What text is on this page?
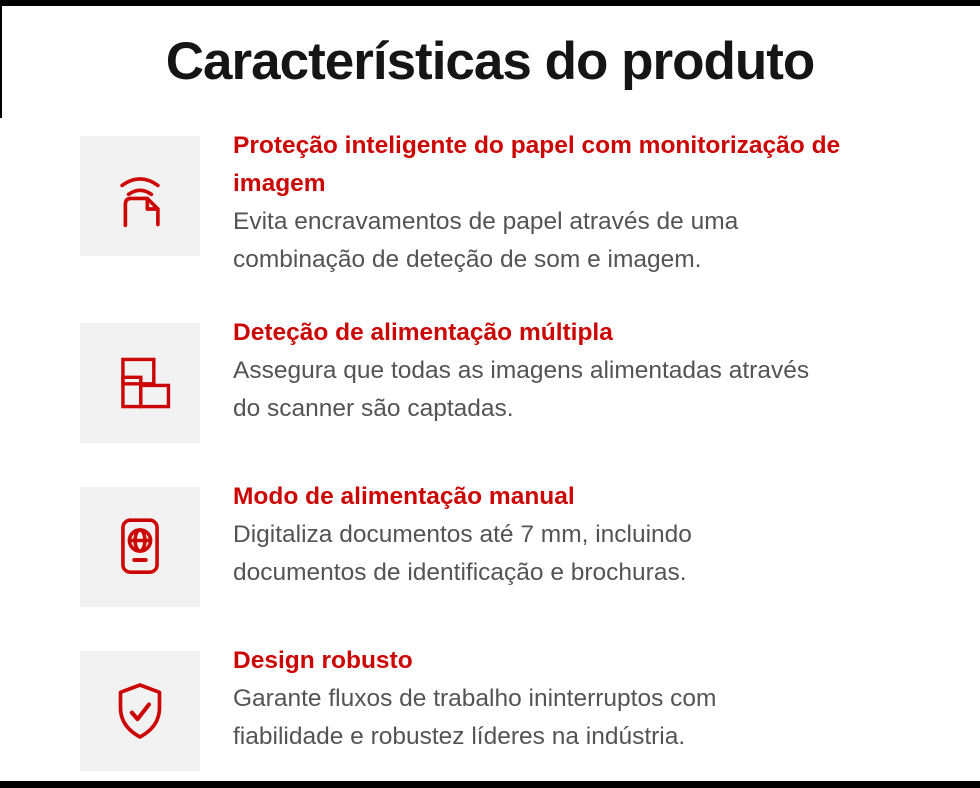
Características do produto
Proteção inteligente do papel com monitorização de
imagem
Evita encravamentos de papel através de uma
combinação de deteção de som e imagem.
Deteção de alimentação múltipla
Assegura que todas as imagens alimentadas através
do scanner são captadas.
Modo de alimentação manual
Digitaliza documentos até 7 mm, incluindo
documentos de identificação e brochuras.
Design robusto
Garante fluxos de trabalho ininterruptos com
fiabilidade e robustez líderes na indústria.
